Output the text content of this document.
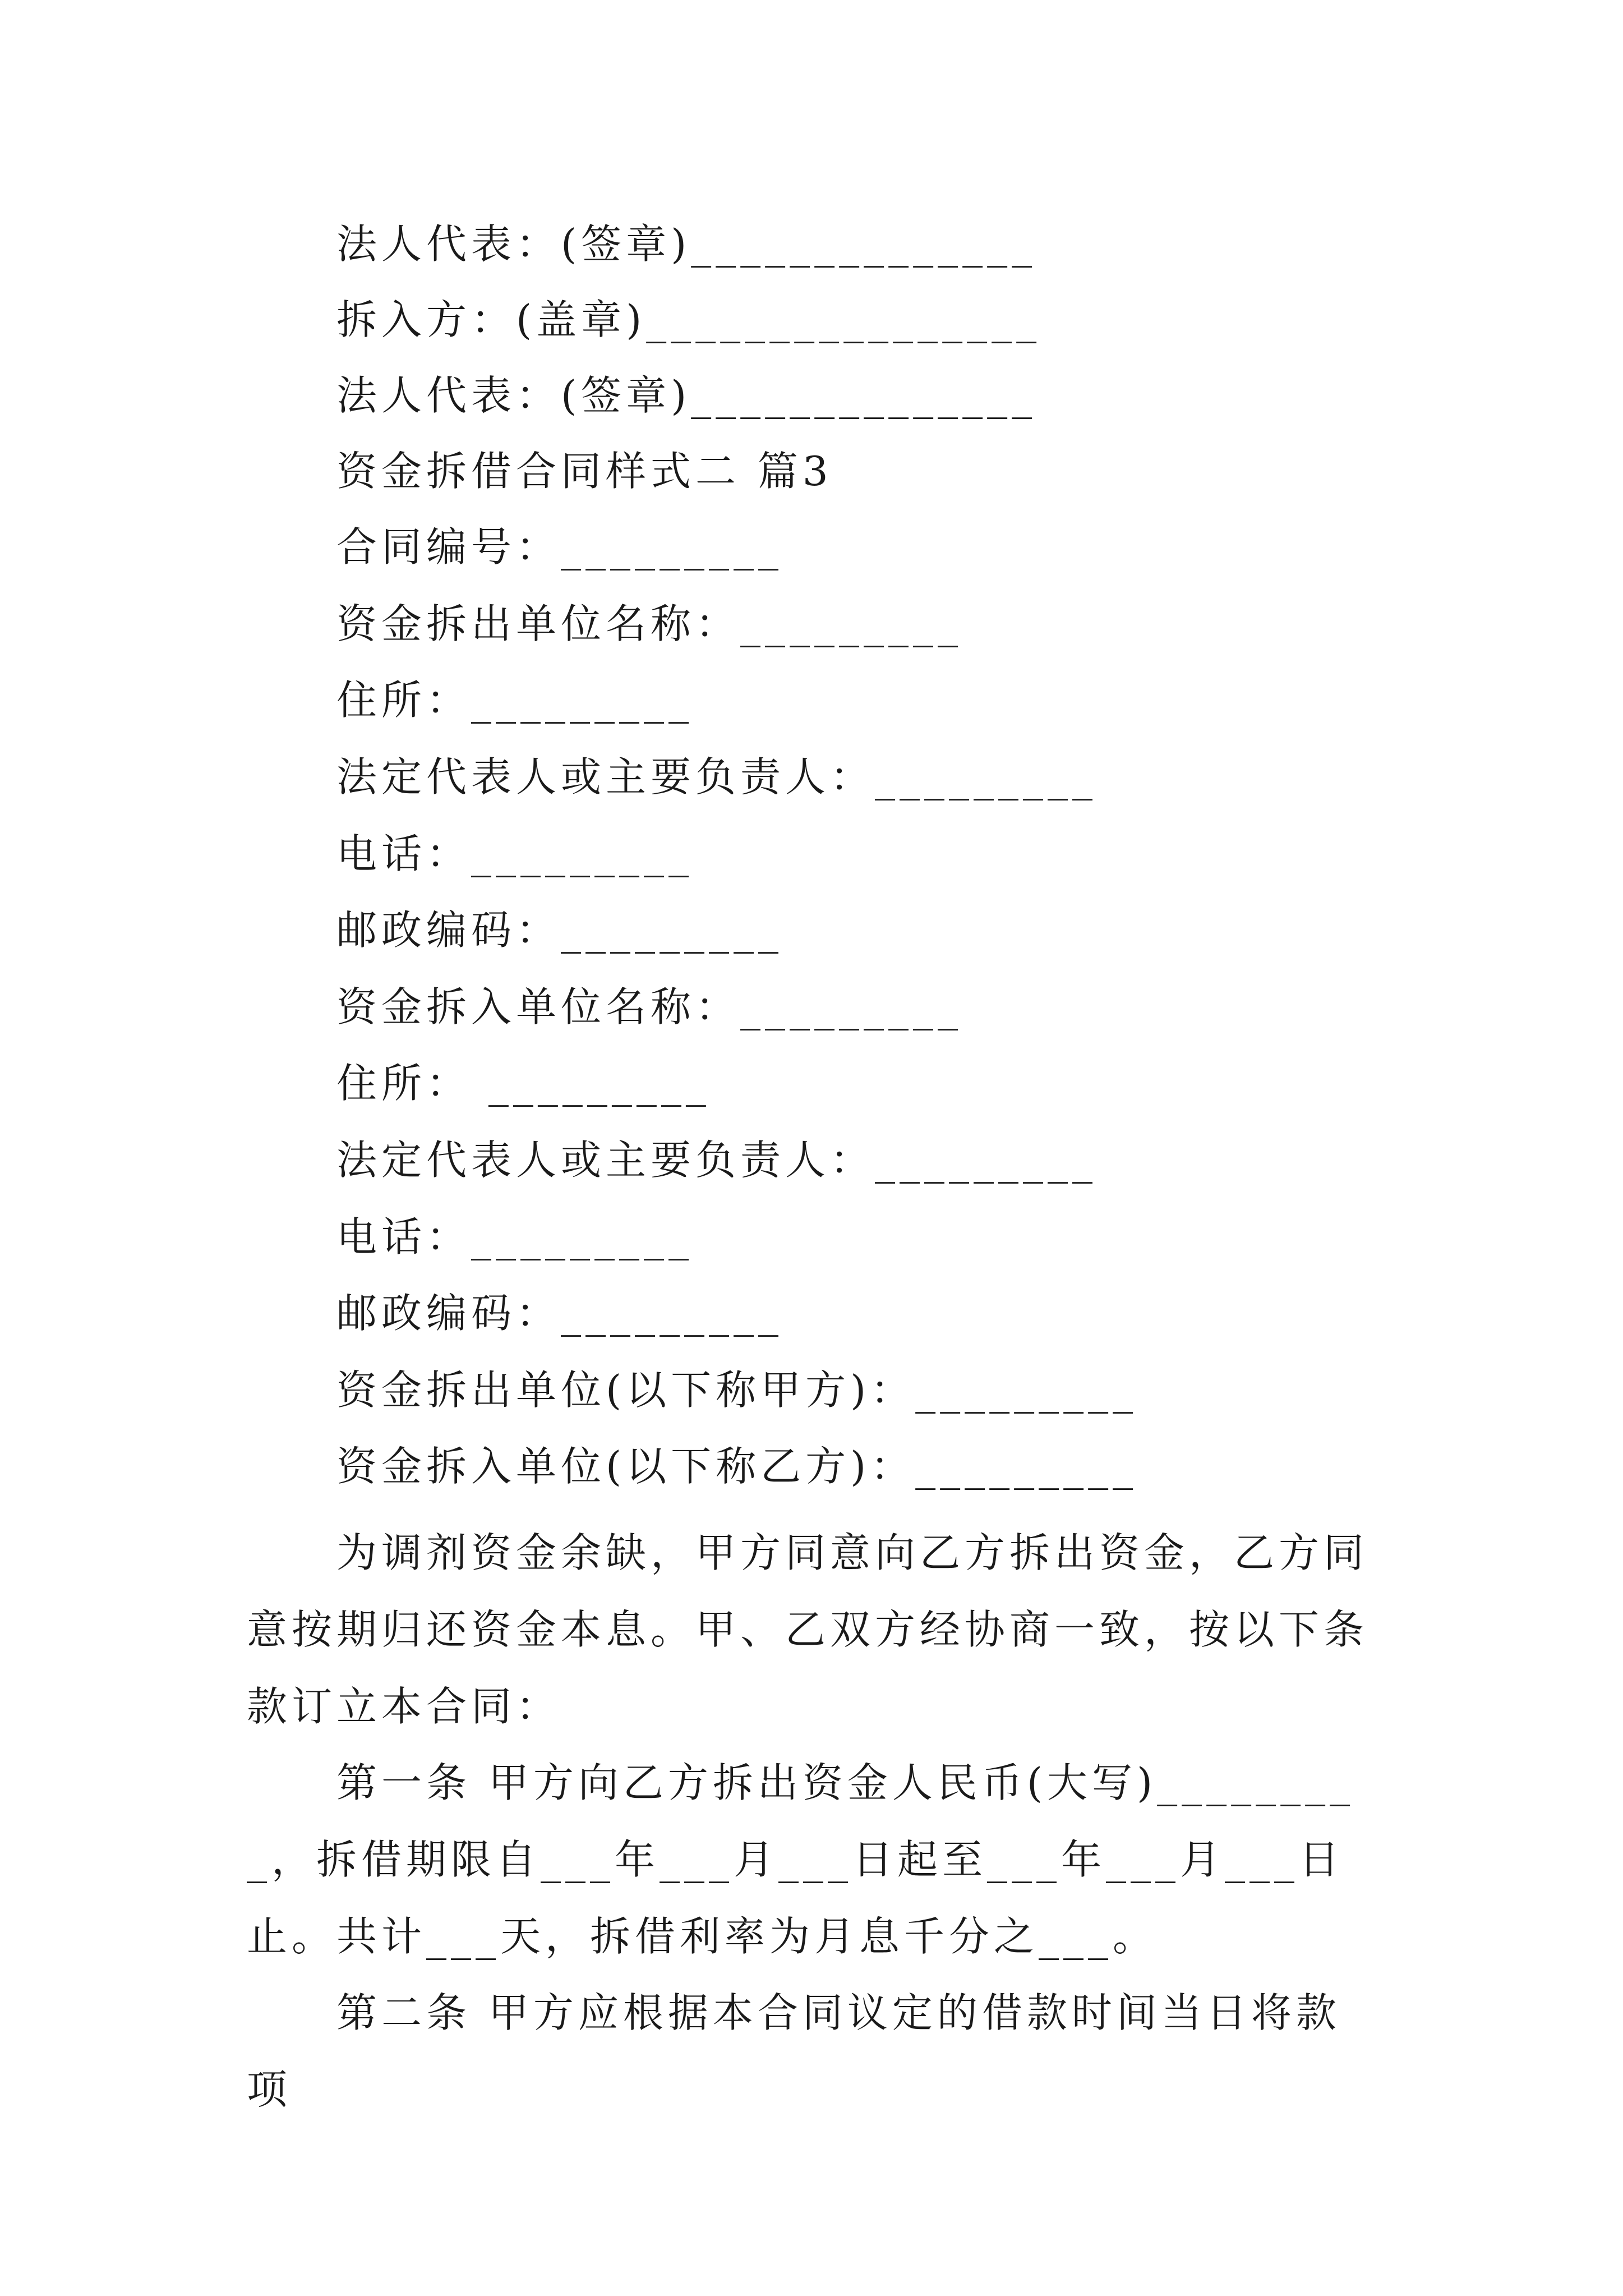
法人代表：(签章)______________
拆入方：(盖章)________________
法人代表：(签章)______________
资金拆借合同样式二 篇3
合同编号：_________
资金拆出单位名称：_________
住所：_________
法定代表人或主要负责人：_________
电话：_________
邮政编码：_________
资金拆入单位名称：_________
住所： _________
法定代表人或主要负责人：_________
电话：_________
邮政编码：_________
资金拆出单位(以下称甲方)：_________
资金拆入单位(以下称乙方)：_________
为调剂资金余缺，甲方同意向乙方拆出资金，乙方同意按期归还资金本息。甲、乙双方经协商一致，按以下条款订立本合同：
第一条 甲方向乙方拆出资金人民币(大写)_________，拆借期限自___年___月___日起至___年___月___日止。共计___天，拆借利率为月息千分之___。
第二条 甲方应根据本合同议定的借款时间当日将款项
